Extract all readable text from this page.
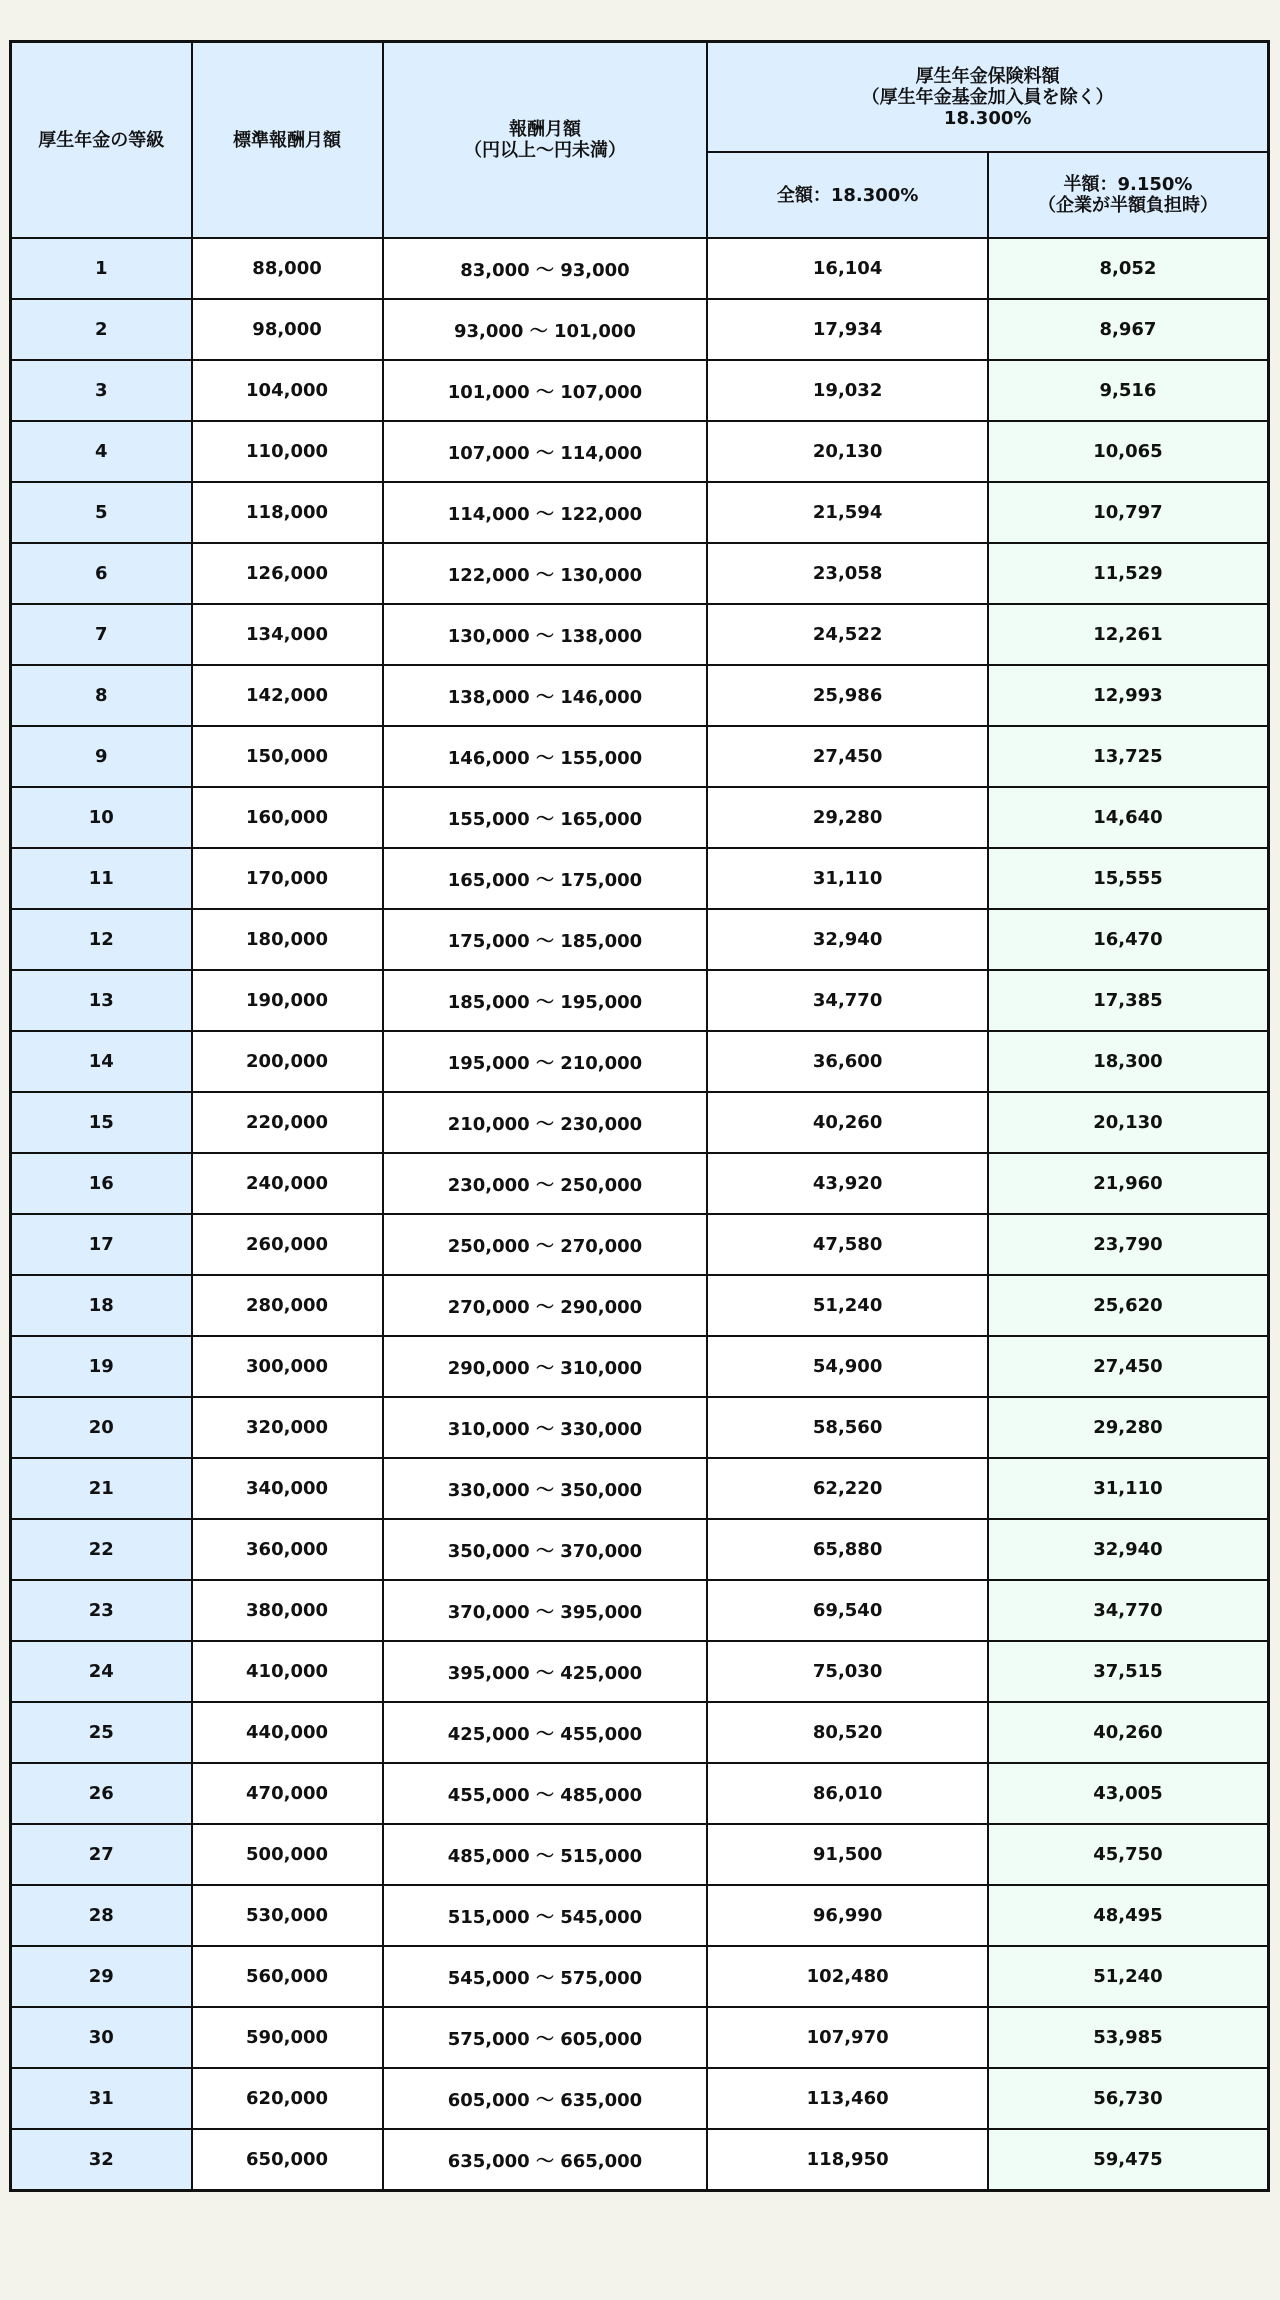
厚生年金の等級	標準報酬月額	報酬月額
（円以上〜円未満）	厚生年金保険料額
（厚生年金基金加入員を除く）
18.300%	

			全額：18.300%	半額：9.150%
（企業が半額負担時）

1	88,000	83,000 ～ 93,000	16,104	8,052
2	98,000	93,000 ～ 101,000	17,934	8,967
3	104,000	101,000 ～ 107,000	19,032	9,516
4	110,000	107,000 ～ 114,000	20,130	10,065
5	118,000	114,000 ～ 122,000	21,594	10,797
6	126,000	122,000 ～ 130,000	23,058	11,529
7	134,000	130,000 ～ 138,000	24,522	12,261
8	142,000	138,000 ～ 146,000	25,986	12,993
9	150,000	146,000 ～ 155,000	27,450	13,725
10	160,000	155,000 ～ 165,000	29,280	14,640
11	170,000	165,000 ～ 175,000	31,110	15,555
12	180,000	175,000 ～ 185,000	32,940	16,470
13	190,000	185,000 ～ 195,000	34,770	17,385
14	200,000	195,000 ～ 210,000	36,600	18,300
15	220,000	210,000 ～ 230,000	40,260	20,130
16	240,000	230,000 ～ 250,000	43,920	21,960
17	260,000	250,000 ～ 270,000	47,580	23,790
18	280,000	270,000 ～ 290,000	51,240	25,620
19	300,000	290,000 ～ 310,000	54,900	27,450
20	320,000	310,000 ～ 330,000	58,560	29,280
21	340,000	330,000 ～ 350,000	62,220	31,110
22	360,000	350,000 ～ 370,000	65,880	32,940
23	380,000	370,000 ～ 395,000	69,540	34,770
24	410,000	395,000 ～ 425,000	75,030	37,515
25	440,000	425,000 ～ 455,000	80,520	40,260
26	470,000	455,000 ～ 485,000	86,010	43,005
27	500,000	485,000 ～ 515,000	91,500	45,750
28	530,000	515,000 ～ 545,000	96,990	48,495
29	560,000	545,000 ～ 575,000	102,480	51,240
30	590,000	575,000 ～ 605,000	107,970	53,985
31	620,000	605,000 ～ 635,000	113,460	56,730
32	650,000	635,000 ～ 665,000	118,950	59,475
